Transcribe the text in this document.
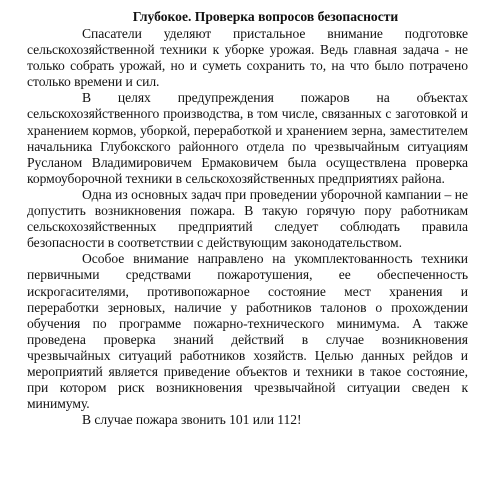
Глубокое. Проверка вопросов безопасности

Спасатели уделяют пристальное внимание подготовке сельскохозяйственной техники к уборке урожая. Ведь главная задача - не только собрать урожай, но и суметь сохранить то, на что было потрачено столько времени и сил.

В целях предупреждения пожаров на объектах сельскохозяйственного производства, в том числе, связанных с заготовкой и хранением кормов, уборкой, переработкой и хранением зерна, заместителем начальника Глубокского районного отдела по чрезвычайным ситуациям Русланом Владимировичем Ермаковичем была осуществлена проверка кормоуборочной техники в сельскохозяйственных предприятиях района.

Одна из основных задач при проведении уборочной кампании – не допустить возникновения пожара. В такую горячую пору работникам сельскохозяйственных предприятий следует соблюдать правила безопасности в соответствии с действующим законодательством.

Особое внимание направлено на укомплектованность техники первичными средствами пожаротушения, ее обеспеченность искрогасителями, противопожарное состояние мест хранения и переработки зерновых, наличие у работников талонов о прохождении обучения по программе пожарно-технического минимума. А также проведена проверка знаний действий в случае возникновения чрезвычайных ситуаций работников хозяйств. Целью данных рейдов и мероприятий является приведение объектов и техники в такое состояние, при котором риск возникновения чрезвычайной ситуации сведен к минимуму.

В случае пожара звонить 101 или 112!
